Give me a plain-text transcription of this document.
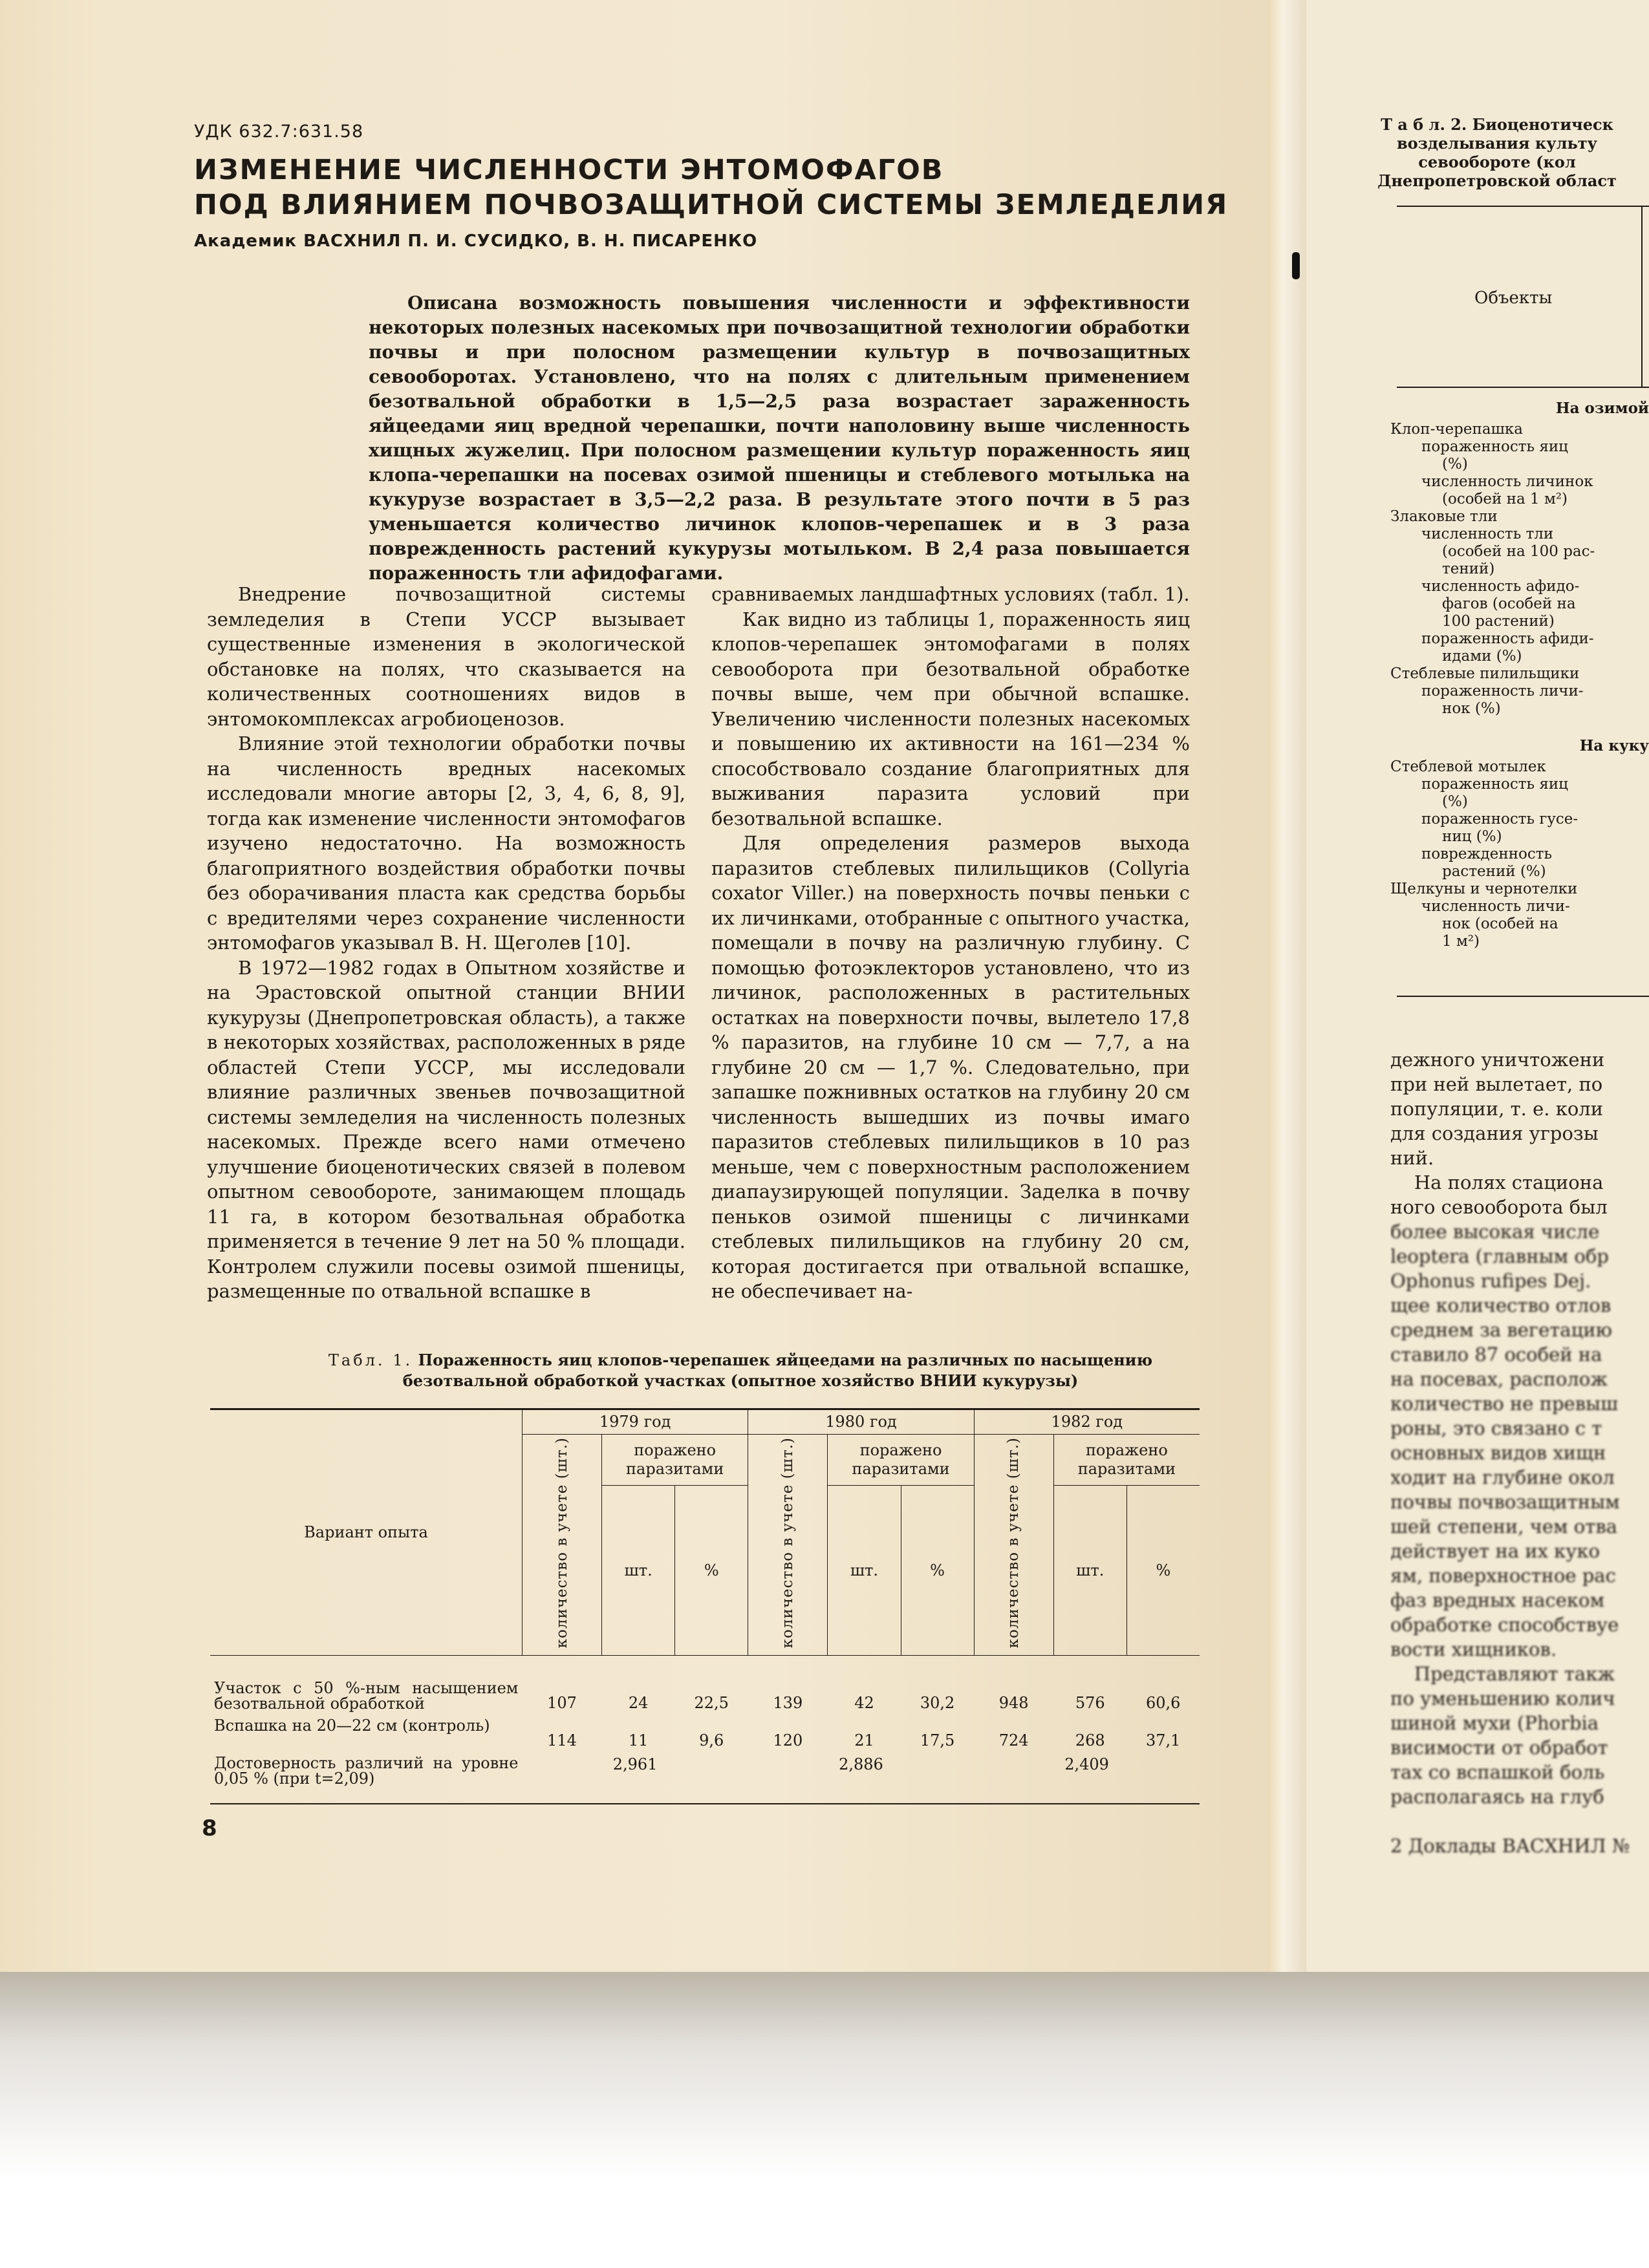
УДК 632.7:631.58
ИЗМЕНЕНИЕ ЧИСЛЕННОСТИ ЭНТОМОФАГОВ
ПОД ВЛИЯНИЕМ ПОЧВОЗАЩИТНОЙ СИСТЕМЫ ЗЕМЛЕДЕЛИЯ
Академик ВАСХНИЛ П. И. СУСИДКО, В. Н. ПИСАРЕНКО
Описана возможность повышения численности и эффективности некоторых полезных насекомых при почвозащитной технологии обработки почвы и при полосном размещении культур в почвозащитных севооборотах. Установлено, что на полях с длительным применением безотвальной обработки в 1,5—2,5 раза возрастает зараженность яйцеедами яиц вредной черепашки, почти наполовину выше численность хищных жужелиц. При полосном размещении культур пораженность яиц клопа-черепашки на посевах озимой пшеницы и стеблевого мотылька на кукурузе возрастает в 3,5—2,2 раза. В результате этого почти в 5 раз уменьшается количество личинок клопов-черепашек и в 3 раза поврежденность растений кукурузы мотыльком. В 2,4 раза повышается пораженность тли афидофагами.

Внедрение почвозащитной системы земледелия в Степи УССР вызывает существенные изменения в экологической обстановке на полях, что сказывается на количественных соотношениях видов в энтомокомплексах агробиоценозов.

Влияние этой технологии обработки почвы на численность вредных насекомых исследовали многие авторы [2, 3, 4, 6, 8, 9], тогда как изменение численности энтомофагов изучено недостаточно. На возможность благоприятного воздействия обработки почвы без оборачивания пласта как средства борьбы с вредителями через сохранение численности энтомофагов указывал В. Н. Щеголев [10].

В 1972—1982 годах в Опытном хозяйстве и на Эрастовской опытной станции ВНИИ кукурузы (Днепропетровская область), а также в некоторых хозяйствах, расположенных в ряде областей Степи УССР, мы исследовали влияние различных звеньев почвозащитной системы земледелия на численность полезных насекомых. Прежде всего нами отмечено улучшение биоценотических связей в полевом опытном севообороте, занимающем площадь 11 га, в котором безотвальная обработка применяется в течение 9 лет на 50 % площади. Контролем служили посевы озимой пшеницы, размещенные по отвальной вспашке в

сравниваемых ландшафтных условиях (табл. 1).

Как видно из таблицы 1, пораженность яиц клопов-черепашек энтомофагами в полях севооборота при безотвальной обработке почвы выше, чем при обычной вспашке. Увеличению численности полезных насекомых и повышению их активности на 161—234 % способствовало создание благоприятных для выживания паразита условий при безотвальной вспашке.

Для определения размеров выхода паразитов стеблевых пилильщиков (Collyria coxator Viller.) на поверхность почвы пеньки с их личинками, отобранные с опытного участка, помещали в почву на различную глубину. С помощью фотоэклекторов установлено, что из личинок, расположенных в растительных остатках на поверхности почвы, вылетело 17,8 % паразитов, на глубине 10 см — 7,7, а на глубине 20 см — 1,7 %. Следовательно, при запашке пожнивных остатков на глубину 20 см численность вышедших из почвы имаго паразитов стеблевых пилильщиков в 10 раз меньше, чем с поверхностным расположением диапаузирующей популяции. Заделка в почву пеньков озимой пшеницы с личинками стеблевых пилильщиков на глубину 20 см, которая достигается при отвальной вспашке, не обеспечивает на-

Табл. 1. Пораженность яиц клопов-черепашек яйцеедами на различных по насыщению безотвальной обработкой участках (опытное хозяйство ВНИИ кукурузы)
Вариант опыта	1979 год			1980 год			1982 год		
	количество в учете (шт.)	поражено паразитами		количество в учете (шт.)	поражено паразитами		количество в учете (шт.)	поражено паразитами	
		шт.	%		шт.	%		шт.	%

Участок с 50 %-ным насыщением безотвальной обработкой	107	24	22,5	139	42	30,2	948	576	60,6
Вспашка на 20—22 см (контроль)	114	11	9,6	120	21	17,5	724	268	37,1
Достоверность различий на уровне 0,05 % (при t=2,09)	2,961			2,886			2,409		
8
Т а б л. 2. Биоценотическ
возделывания культу
севообороте (кол
Днепропетровской област
Объекты
На озимой
Клоп-черепашка
пораженность яиц
(%)
численность личинок
(особей на 1 м²)
Злаковые тли
численность тли
(особей на 100 рас-
тений)
численность афидо-
фагов (особей на
100 растений)
пораженность афиди-
идами (%)
Стеблевые пилильщики
пораженность личи-
нок (%)
На куку
Стеблевой мотылек
пораженность яиц
(%)
пораженность гусе-
ниц (%)
поврежденность
растений (%)
Щелкуны и чернотелки
численность личи-
нок (особей на
1 м²)
дежного уничтожени
при ней вылетает, по
популяции, т. е. коли
для создания угрозы
ний.
На полях стациона
ного севооборота был
более высокая числе
leoptera (главным обр
Ophonus rufipes Dej.
щее количество отлов
среднем за вегетацию
ставило 87 особей на
на посевах, располож
количество не превыш
роны, это связано с т
основных видов хищн
ходит на глубине окол
почвы почвозащитным
шей степени, чем отва
действует на их куко
ям, поверхностное рас
фаз вредных насеком
обработке способствуе
вости хищников.
Представляют такж
по уменьшению колич
шиной мухи (Phorbia
висимости от обработ
тах со вспашкой боль
располагаясь на глуб
2 Доклады ВАСХНИЛ №
